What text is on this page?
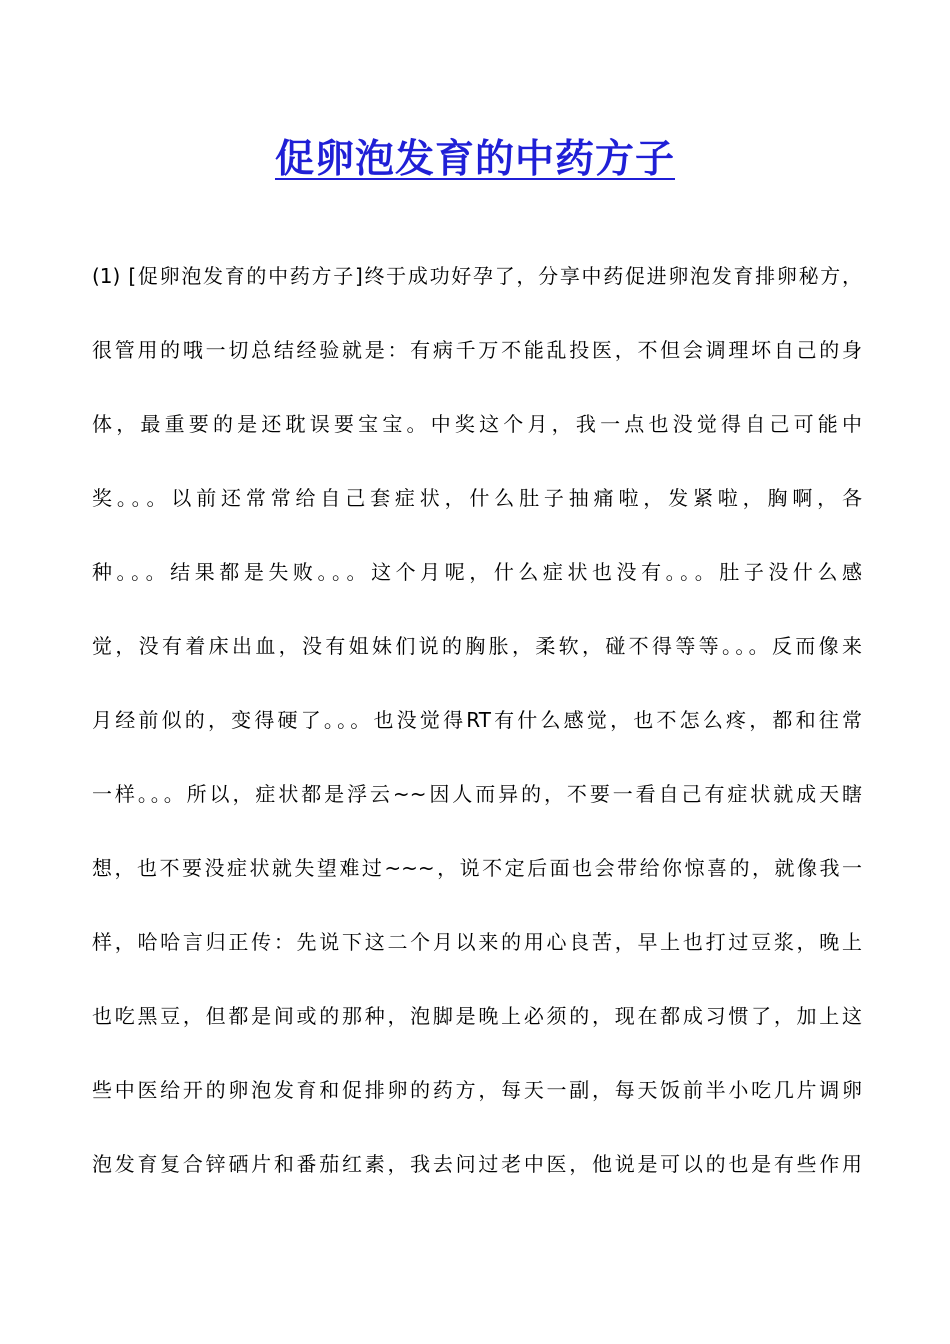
促卵泡发育的中药方子
(1) [促卵泡发育的中药方子]终于成功好孕了，分享中药促进卵泡发育排卵秘方，
很管用的哦一切总结经验就是：有病千万不能乱投医，不但会调理坏自己的身
体，最重要的是还耽误要宝宝。中奖这个月，我一点也没觉得自己可能中
奖。。。以前还常常给自己套症状，什么肚子抽痛啦，发紧啦，胸啊，各
种。。。结果都是失败。。。这个月呢，什么症状也没有。。。肚子没什么感
觉，没有着床出血，没有姐妹们说的胸胀，柔软，碰不得等等。。。反而像来
月经前似的，变得硬了。。。也没觉得RT有什么感觉，也不怎么疼，都和往常
一样。。。所以，症状都是浮云~~因人而异的，不要一看自己有症状就成天瞎
想，也不要没症状就失望难过~~~，说不定后面也会带给你惊喜的，就像我一
样，哈哈言归正传：先说下这二个月以来的用心良苦，早上也打过豆浆，晚上
也吃黑豆，但都是间或的那种，泡脚是晚上必须的，现在都成习惯了，加上这
些中医给开的卵泡发育和促排卵的药方，每天一副，每天饭前半小吃几片调卵
泡发育复合锌硒片和番茄红素，我去问过老中医，他说是可以的也是有些作用
